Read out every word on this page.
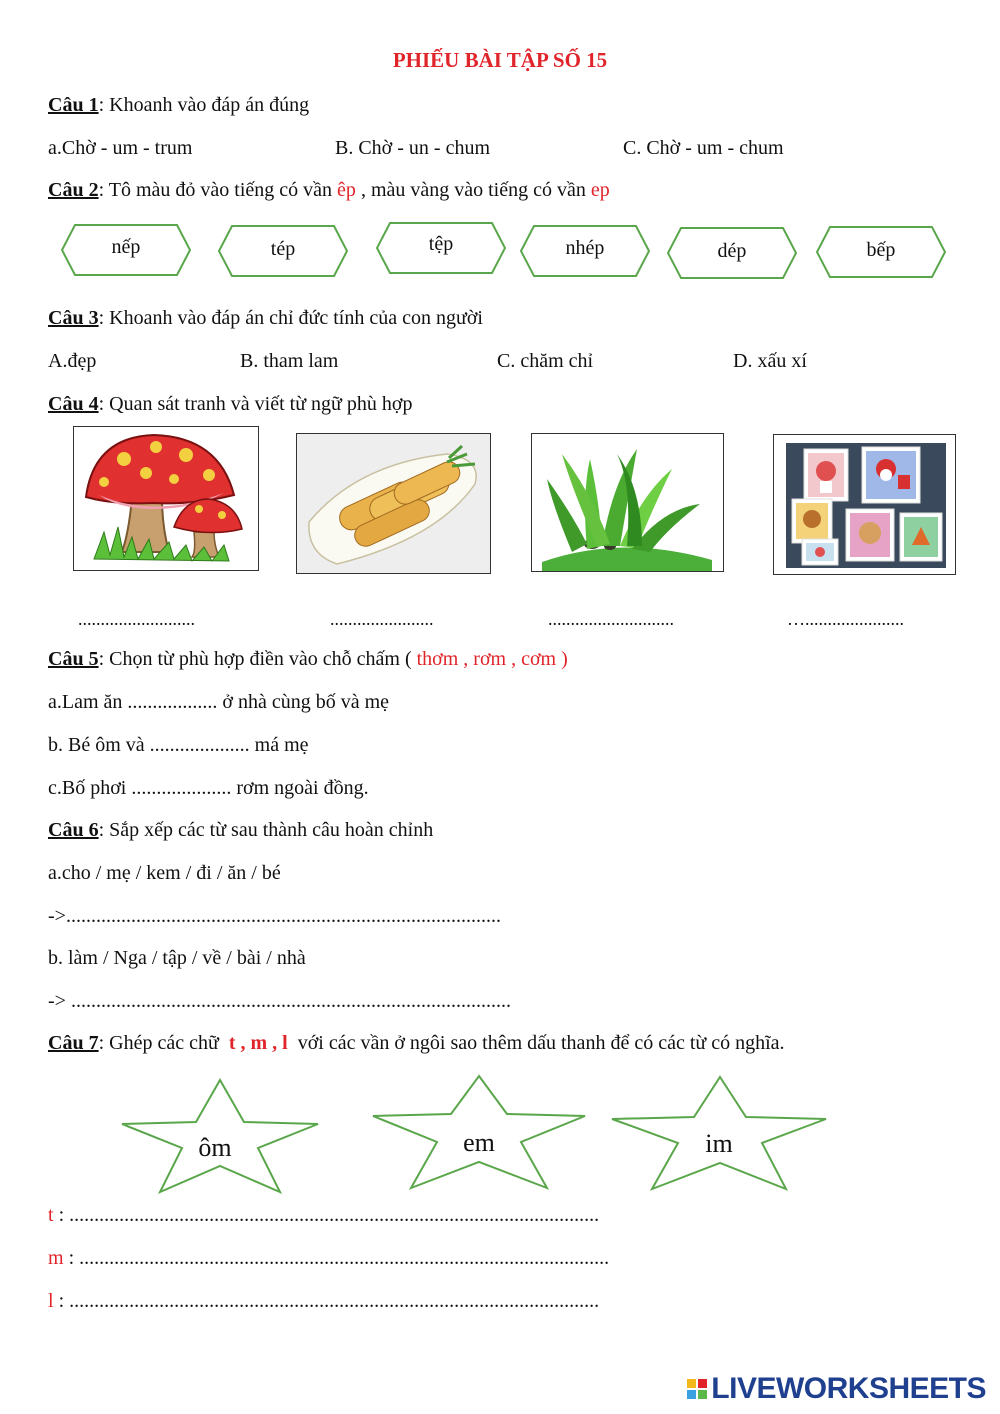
PHIẾU BÀI TẬP SỐ 15
Câu 1: Khoanh vào đáp án đúng
a.Chờ - um - trum	B. Chờ - un - chum	C. Chờ - um - chum
Câu 2: Tô màu đỏ vào tiếng có vần êp , màu vàng vào tiếng có vần ep
nếp	tép	tệp	nhép	dép	bếp
Câu 3: Khoanh vào đáp án chỉ đức tính của con người
A.đẹp	B. tham lam	C. chăm chỉ	D. xấu xí
Câu 4: Quan sát tranh và viết từ ngữ phù hợp
..........................	.......................	............................	…......................
Câu 5: Chọn từ phù hợp điền vào chỗ chấm ( thơm , rơm , cơm )
a.Lam ăn .................. ở nhà cùng bố và mẹ
b. Bé ôm và .................... má mẹ
c.Bố phơi .................... rơm ngoài đồng.
Câu 6: Sắp xếp các từ sau thành câu hoàn chỉnh
a.cho / mẹ / kem / đi / ăn / bé
->.......................................................................................
b. làm / Nga / tập / về / bài / nhà
-> ........................................................................................
Câu 7: Ghép các chữ  t , m , l  với các vần ở ngôi sao thêm dấu thanh để có các từ có nghĩa.
ôm	em	im
t : ..........................................................................................................
m : ..........................................................................................................
l : ..........................................................................................................
LIVEWORKSHEETS
